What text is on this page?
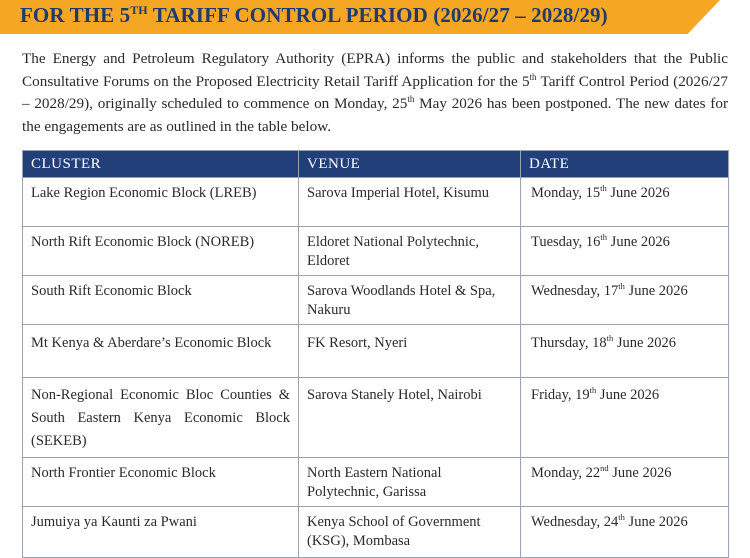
FOR THE 5TH TARIFF CONTROL PERIOD (2026/27 – 2028/29)

The Energy and Petroleum Regulatory Authority (EPRA) informs the public and stakeholders that the Public Consultative Forums on the Proposed Electricity Retail Tariff Application for the 5th Tariff Control Period (2026/27 – 2028/29), originally scheduled to commence on Monday, 25th May 2026 has been postponed. The new dates for the engagements are as outlined in the table below.

CLUSTER	VENUE	DATE
Lake Region Economic Block (LREB)	Sarova Imperial Hotel, Kisumu	Monday, 15th June 2026
North Rift Economic Block (NOREB)	Eldoret National Polytechnic, Eldoret	Tuesday, 16th June 2026
South Rift Economic Block	Sarova Woodlands Hotel & Spa, Nakuru	Wednesday, 17th June 2026
Mt Kenya & Aberdare’s Economic Block	FK Resort, Nyeri	Thursday, 18th June 2026
Non-Regional Economic Bloc Counties & South Eastern Kenya Economic Block (SEKEB)	Sarova Stanely Hotel, Nairobi	Friday, 19th June 2026
North Frontier Economic Block	North Eastern National Polytechnic, Garissa	Monday, 22nd June 2026
Jumuiya ya Kaunti za Pwani	Kenya School of Government (KSG), Mombasa	Wednesday, 24th June 2026
